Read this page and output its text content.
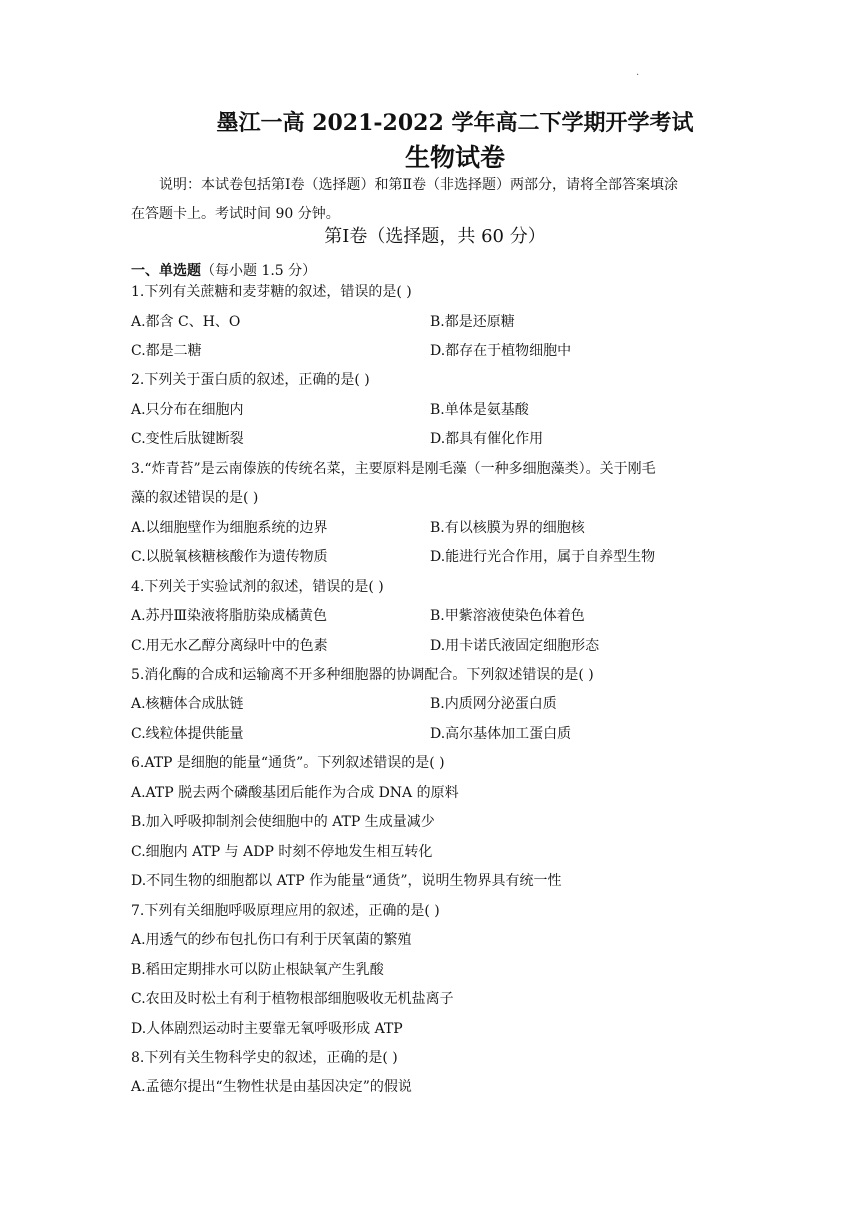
·
墨江一高 2021-2022 学年高二下学期开学考试
生物试卷
说明：本试卷包括第Ⅰ卷（选择题）和第Ⅱ卷（非选择题）两部分，请将全部答案填涂
在答题卡上。考试时间 90 分钟。
第Ⅰ卷（选择题，共 60 分）
一、单选题（每小题 1.5 分）
1.下列有关蔗糖和麦芽糖的叙述，错误的是( )
A.都含 C、H、O	B.都是还原糖
C.都是二糖	D.都存在于植物细胞中
2.下列关于蛋白质的叙述，正确的是( )
A.只分布在细胞内	B.单体是氨基酸
C.变性后肽键断裂	D.都具有催化作用
3.“炸青苔”是云南傣族的传统名菜，主要原料是刚毛藻（一种多细胞藻类）。关于刚毛
藻的叙述错误的是( )
A.以细胞壁作为细胞系统的边界	B.有以核膜为界的细胞核
C.以脱氧核糖核酸作为遗传物质	D.能进行光合作用，属于自养型生物
4.下列关于实验试剂的叙述，错误的是( )
A.苏丹Ⅲ染液将脂肪染成橘黄色	B.甲紫溶液使染色体着色
C.用无水乙醇分离绿叶中的色素	D.用卡诺氏液固定细胞形态
5.消化酶的合成和运输离不开多种细胞器的协调配合。下列叙述错误的是( )
A.核糖体合成肽链	B.内质网分泌蛋白质
C.线粒体提供能量	D.高尔基体加工蛋白质
6.ATP 是细胞的能量“通货”。下列叙述错误的是( )
A.ATP 脱去两个磷酸基团后能作为合成 DNA 的原料
B.加入呼吸抑制剂会使细胞中的 ATP 生成量减少
C.细胞内 ATP 与 ADP 时刻不停地发生相互转化
D.不同生物的细胞都以 ATP 作为能量“通货”，说明生物界具有统一性
7.下列有关细胞呼吸原理应用的叙述，正确的是( )
A.用透气的纱布包扎伤口有利于厌氧菌的繁殖
B.稻田定期排水可以防止根缺氧产生乳酸
C.农田及时松土有利于植物根部细胞吸收无机盐离子
D.人体剧烈运动时主要靠无氧呼吸形成 ATP
8.下列有关生物科学史的叙述，正确的是( )
A.孟德尔提出“生物性状是由基因决定”的假说
